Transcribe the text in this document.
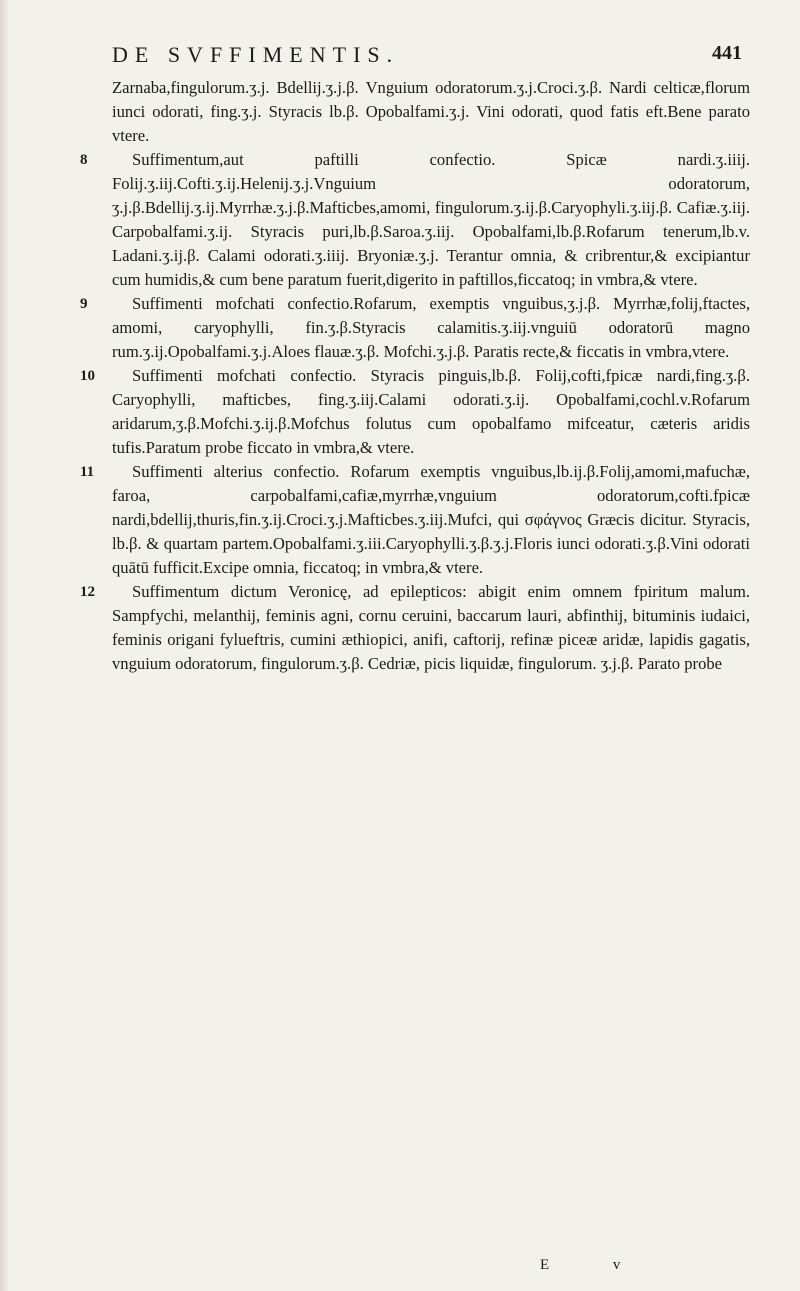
DE SVFFIMENTIS.	441

Zarnaba,fingulorum.ʒ.j. Bdellij.ʒ.j.β. Vnguium odoratorum.ʒ.j.Croci.ʒ.β. Nardi celticæ,florum iunci odorati, fing.ʒ.j. Styracis lb.β. Opobalfami.ʒ.j. Vini odorati, quod fatis eft.Bene parato vtere.

8	Suffimentum,aut paftilli confectio. Spicæ nardi.ʒ.iiij. Folij.ʒ.iij.Cofti.ʒ.ij.Helenij.ʒ.j.Vnguium odoratorum, ʒ.j.β.Bdellij.ʒ.ij.Myrrhæ.ʒ.j.β.Mafticbes,amomi, fingulorum.ʒ.ij.β.Caryophyli.ʒ.iij.β. Cafiæ.ʒ.iij. Carpobalfami.ʒ.ij. Styracis puri,lb.β.Saroa.ʒ.iij. Opobalfami,lb.β.Rofarum tenerum,lb.v. Ladani.ʒ.ij.β. Calami odorati.ʒ.iiij. Bryoniæ.ʒ.j. Terantur omnia, & cribrentur,& excipiantur cum humidis,& cum bene paratum fuerit,digerito in paftillos,ficcatoq; in vmbra,& vtere.

9	Suffimenti mofchati confectio.Rofarum, exemptis vnguibus,ʒ.j.β. Myrrhæ,folij,ftactes, amomi, caryophylli, fin.ʒ.β.Styracis calamitis.ʒ.iij.vnguiū odoratorū magno rum.ʒ.ij.Opobalfami.ʒ.j.Aloes flauæ.ʒ.β. Mofchi.ʒ.j.β. Paratis recte,& ficcatis in vmbra,vtere.

10 Suffimenti mofchati confectio. Styracis pinguis,lb.β. Folij,cofti,fpicæ nardi,fing.ʒ.β. Caryophylli, mafticbes, fing.ʒ.iij.Calami odorati.ʒ.ij. Opobalfami,cochl.v.Rofarum aridarum,ʒ.β.Mofchi.ʒ.ij.β.Mofchus folutus cum opobalfamo mifceatur, cæteris aridis tufis.Paratum probe ficcato in vmbra,& vtere.

11 Suffimenti alterius confectio. Rofarum exemptis vnguibus,lb.ij.β.Folij,amomi,mafuchæ, faroa, carpobalfami,cafiæ,myrrhæ,vnguium odoratorum,cofti.fpicæ nardi,bdellij,thuris,fin.ʒ.ij.Croci.ʒ.j.Mafticbes.ʒ.iij.Mufci, qui σφάγνος Græcis dicitur. Styracis, lb.β. & quartam partem.Opobalfami.ʒ.iii.Caryophylli.ʒ.β.ʒ.j.Floris iunci odorati.ʒ.β.Vini odorati quātū fufficit.Excipe omnia, ficcatoq; in vmbra,& vtere.

12 Suffimentum dictum Veronicę, ad epilepticos: abigit enim omnem fpiritum malum. Sampfychi, melanthij, feminis agni, cornu ceruini, baccarum lauri, abfinthij, bituminis iudaici, feminis origani fylueftris, cumini æthiopici, anifi, caftorij, refinæ piceæ aridæ, lapidis gagatis, vnguium odoratorum, fingulorum.ʒ.β. Cedriæ, picis liquidæ, fingulorum. ʒ.j.β. Parato probe

E v
